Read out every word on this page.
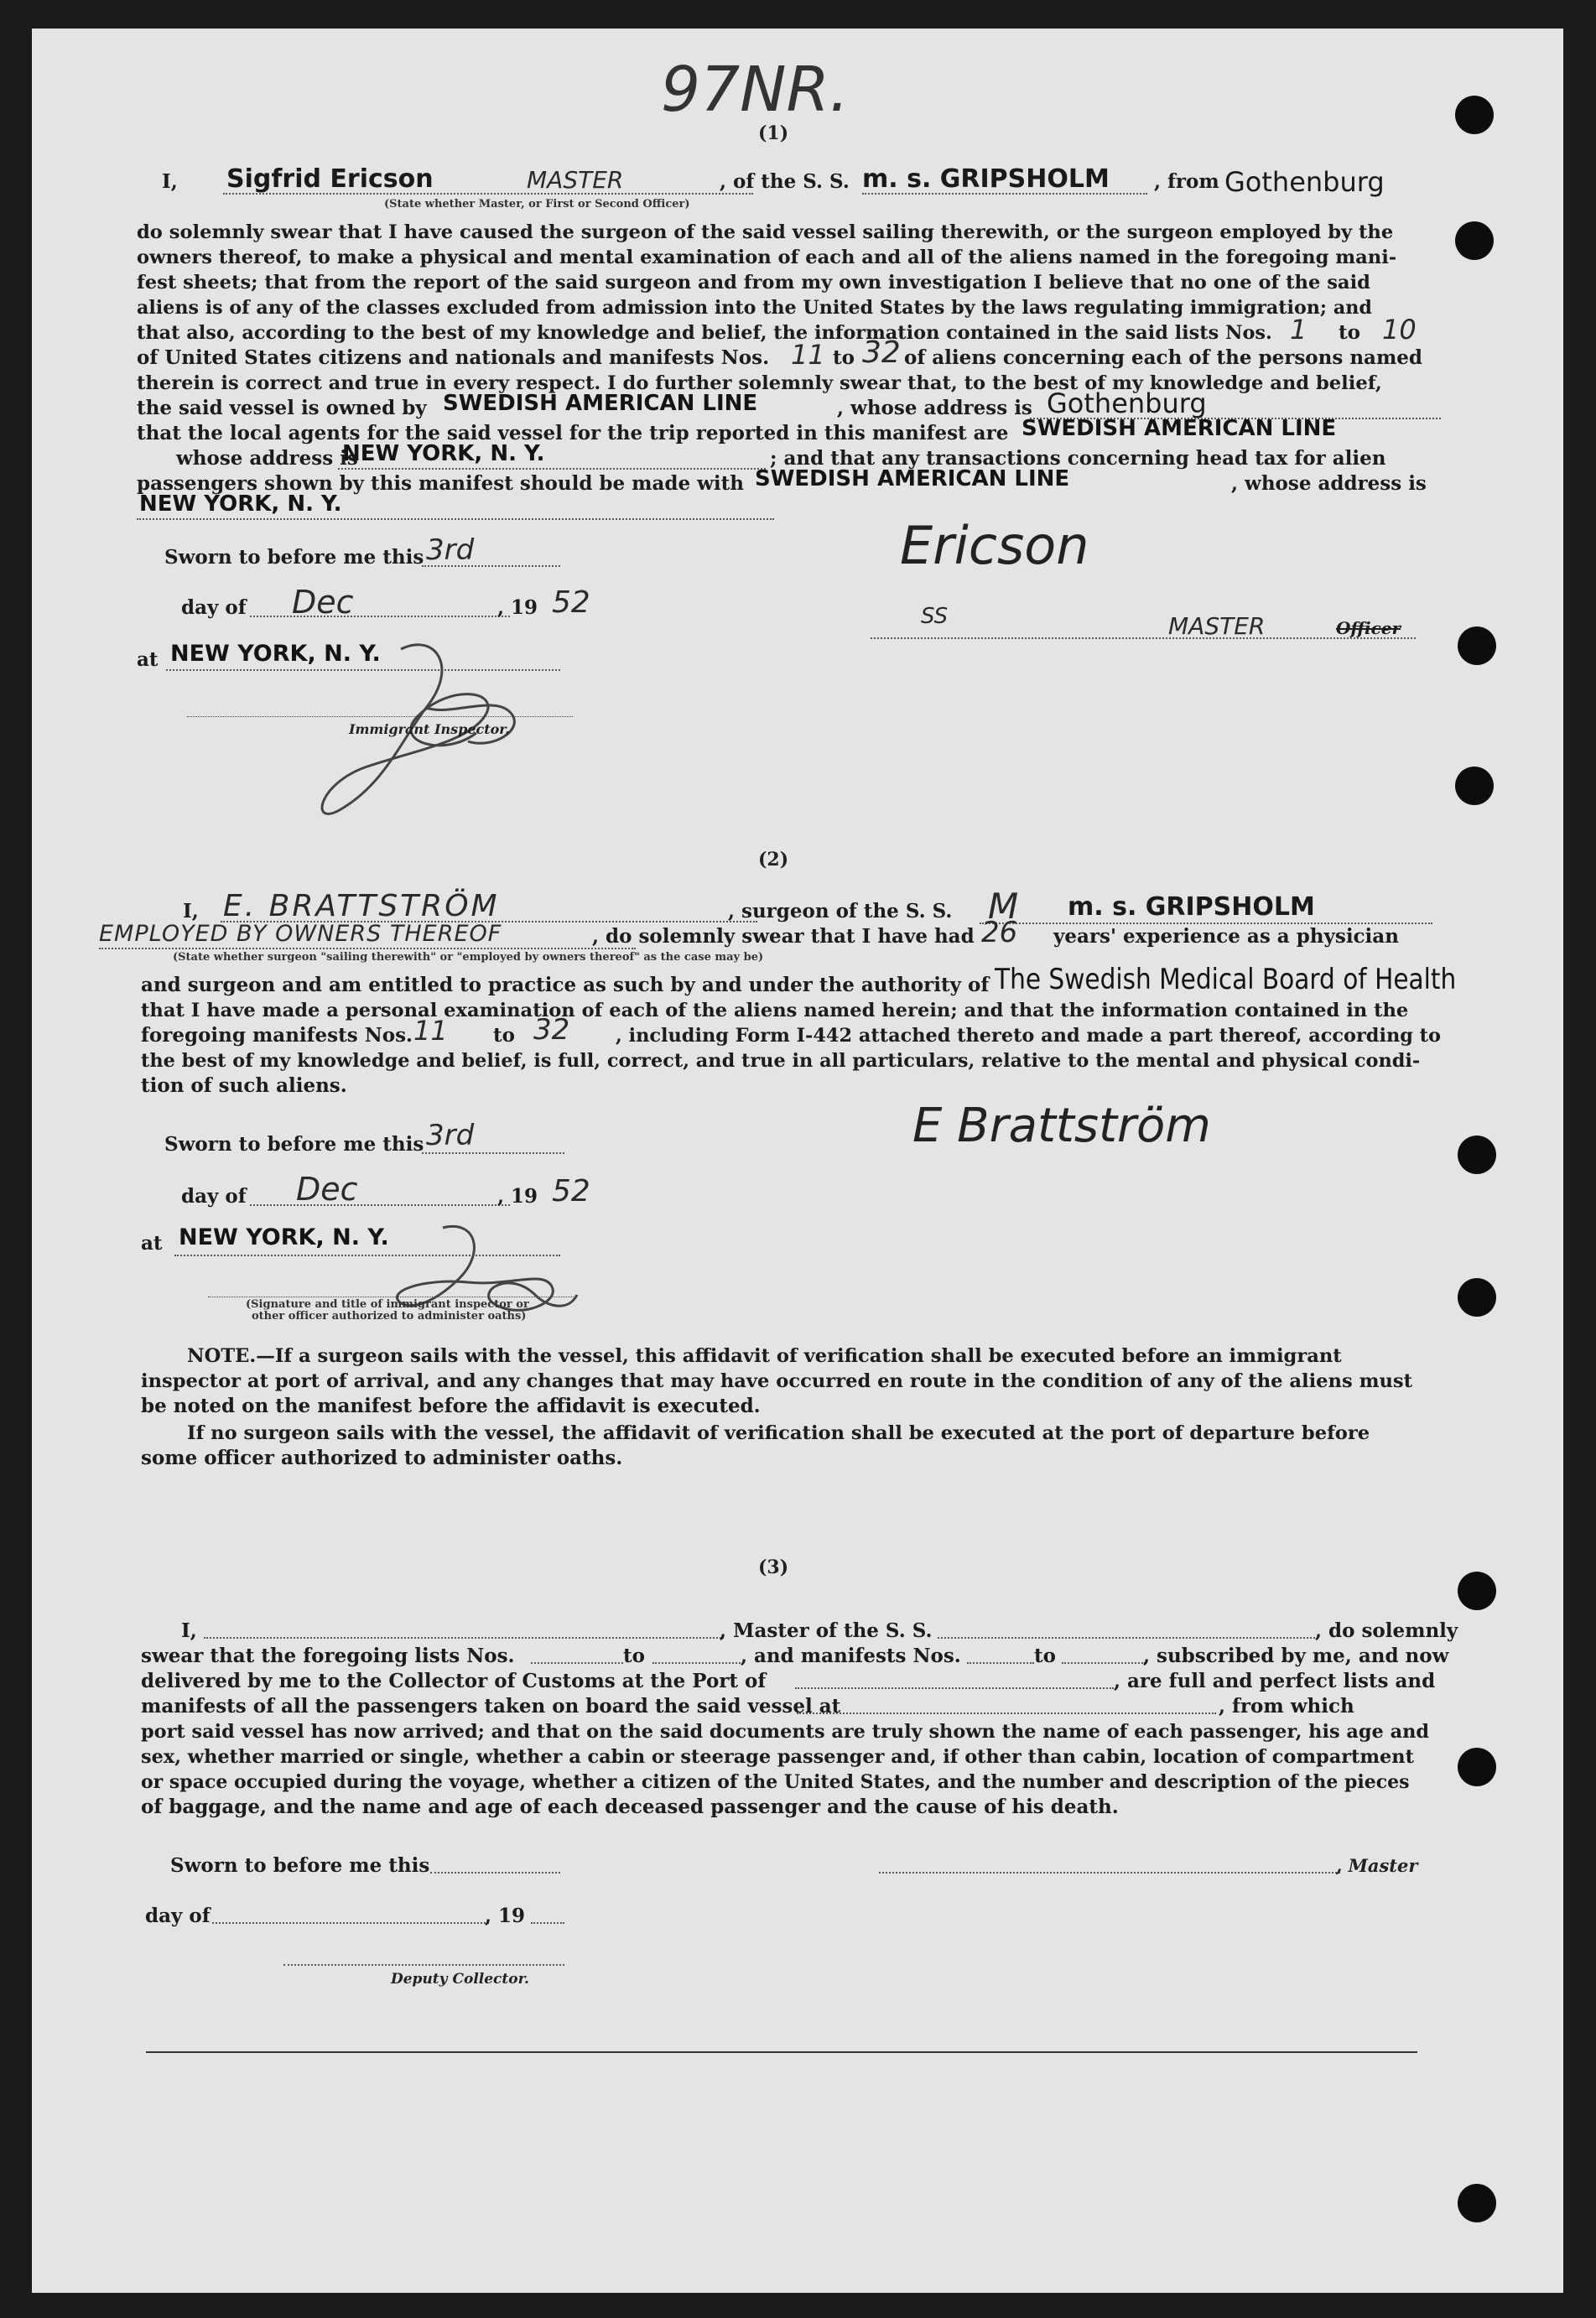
97NR.
(1)
I, Sigfrid Ericson	MASTER	, of the S. S. m. s. GRIPSHOLM , from Gothenburg
(State whether Master, or First or Second Officer)
do solemnly swear that I have caused the surgeon of the said vessel sailing therewith, or the surgeon employed by the
owners thereof, to make a physical and mental examination of each and all of the aliens named in the foregoing mani-
fest sheets; that from the report of the said surgeon and from my own investigation I believe that no one of the said
aliens is of any of the classes excluded from admission into the United States by the laws regulating immigration; and
that also, according to the best of my knowledge and belief, the information contained in the said lists Nos. 1 to 10
of United States citizens and nationals and manifests Nos. 11 to 32 of aliens concerning each of the persons named
therein is correct and true in every respect. I do further solemnly swear that, to the best of my knowledge and belief,
the said vessel is owned by SWEDISH AMERICAN LINE	, whose address is Gothenburg
that the local agents for the said vessel for the trip reported in this manifest are SWEDISH AMERICAN LINE
whose address is
NEW YORK, N. Y.	; and that any transactions concerning head tax for alien
passengers shown by this manifest should be made with SWEDISH AMERICAN LINE	, whose address is
NEW YORK, N. Y.
Sworn to before me this 3rd
day of Dec	, 19 52
at NEW YORK, N. Y.
Immigrant Inspector.
Ericson
SS	MASTER	Officer
(2)
I, E. BRATTSTRÖM	, surgeon of the S. S. M m. s. GRIPSHOLM
EMPLOYED BY OWNERS THEREOF	, do solemnly swear that I have had 26 years' experience as a physician
(State whether surgeon "sailing therewith" or "employed by owners thereof" as the case may be)
and surgeon and am entitled to practice as such by and under the authority of The Swedish Medical Board of Health
that I have made a personal examination of each of the aliens named herein; and that the information contained in the
foregoing manifests Nos. 11 to 32 , including Form I-442 attached thereto and made a part thereof, according to
the best of my knowledge and belief, is full, correct, and true in all particulars, relative to the mental and physical condi-
tion of such aliens.
E Brattström
Sworn to before me this 3rd
day of Dec	, 19 52
at NEW YORK, N. Y.
(Signature and title of immigrant inspector or
other officer authorized to administer oaths)
NOTE.—If a surgeon sails with the vessel, this affidavit of verification shall be executed before an immigrant
inspector at port of arrival, and any changes that may have occurred en route in the condition of any of the aliens must
be noted on the manifest before the affidavit is executed.
If no surgeon sails with the vessel, the affidavit of verification shall be executed at the port of departure before
some officer authorized to administer oaths.
(3)
I,	, Master of the S. S.	, do solemnly
swear that the foregoing lists Nos.	to	, and manifests Nos.	to	, subscribed by me, and now
delivered by me to the Collector of Customs at the Port of	, are full and perfect lists and
manifests of all the passengers taken on board the said vessel at	, from which
port said vessel has now arrived; and that on the said documents are truly shown the name of each passenger, his age and
sex, whether married or single, whether a cabin or steerage passenger and, if other than cabin, location of compartment
or space occupied during the voyage, whether a citizen of the United States, and the number and description of the pieces
of baggage, and the name and age of each deceased passenger and the cause of his death.
Sworn to before me this	, Master
day of	, 19
Deputy Collector.
